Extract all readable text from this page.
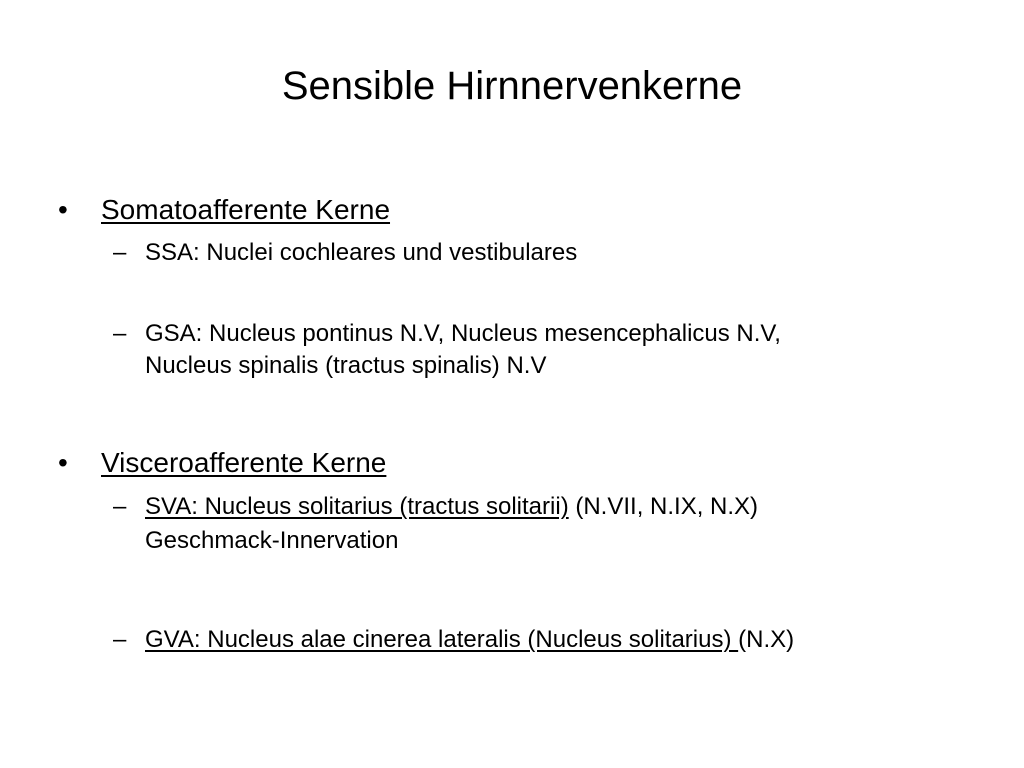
Sensible Hirnnervenkerne
•	Somatoafferente Kerne
– SSA: Nuclei cochleares und vestibulares
– GSA: Nucleus pontinus N.V, Nucleus mesencephalicus N.V,
Nucleus spinalis (tractus spinalis) N.V
•	Visceroafferente Kerne
– SVA: Nucleus solitarius (tractus solitarii) (N.VII, N.IX, N.X)
Geschmack-Innervation
– GVA: Nucleus alae cinerea lateralis (Nucleus solitarius) (N.X)
